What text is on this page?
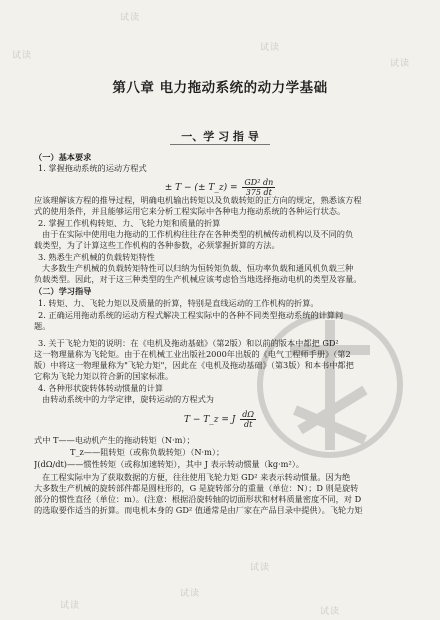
试读
试读
试读
试读
试读
试读
试读
试读
第八章 电力拖动系统的动力学基础
一、学 习 指 导
（一）基本要求
1. 掌握拖动系统的运动方程式
应该理解该方程的推导过程，明确电机输出转矩以及负载转矩的正方向的规定，熟悉该方程
式的使用条件，并且能够运用它来分析工程实际中各种电力拖动系统的各种运行状态。
2. 掌握工作机构转矩、力、飞轮力矩和质量的折算
由于在实际中使用电力拖动的工作机构往往存在各种类型的机械传动机构以及不同的负
载类型，为了计算这些工作机构的各种参数，必须掌握折算的方法。
3. 熟悉生产机械的负载转矩特性
大多数生产机械的负载转矩特性可以归纳为恒转矩负载、恒功率负载和通风机负载三种
负载类型。因此，对于这三种类型的生产机械应该考虑恰当地选择拖动电机的类型及容量。
（二）学习指导
1. 转矩、力、飞轮力矩以及质量的折算，特别是直线运动的工作机构的折算。
2. 正确运用拖动系统的运动方程式解决工程实际中的各种不同类型拖动系统的计算问
题。
3. 关于飞轮力矩的说明：在《电机及拖动基础》（第2版）和以前的版本中都把 GD²
这一物理量称为飞轮矩。由于在机械工业出版社2000年出版的《电气工程师手册》（第2
版）中将这一物理量称为"飞轮力矩"，因此在《电机及拖动基础》（第3版）和本书中都把
它称为飞轮力矩以符合新的国家标准。
4. 各种形状旋转体转动惯量的计算
由转动系统中的力学定律，旋转运动的方程式为
式中 T——电动机产生的拖动转矩（N·m）；
T_z——阻转矩（或称负载转矩）（N·m）；
J(dΩ/dt)——惯性转矩（或称加速转矩），其中 J 表示转动惯量（kg·m²）。
在工程实际中为了获取数据的方便，往往使用飞轮力矩 GD² 来表示转动惯量。因为绝
大多数生产机械的旋转部件都是圆柱形的，G 是旋转部分的重量（单位：N）；D 则是旋转
部分的惯性直径（单位：m）。(注意：根据沿旋转轴的切面形状和材料质量密度不同，对 D
的选取要作适当的折算。而电机本身的 GD² 值通常是由厂家在产品目录中提供）。飞轮力矩
± T − (± T_z) = $\frac{\text{GD² dn}}{375 dt}$
T − T_z = J $\frac{d\Omega}{dt}$
